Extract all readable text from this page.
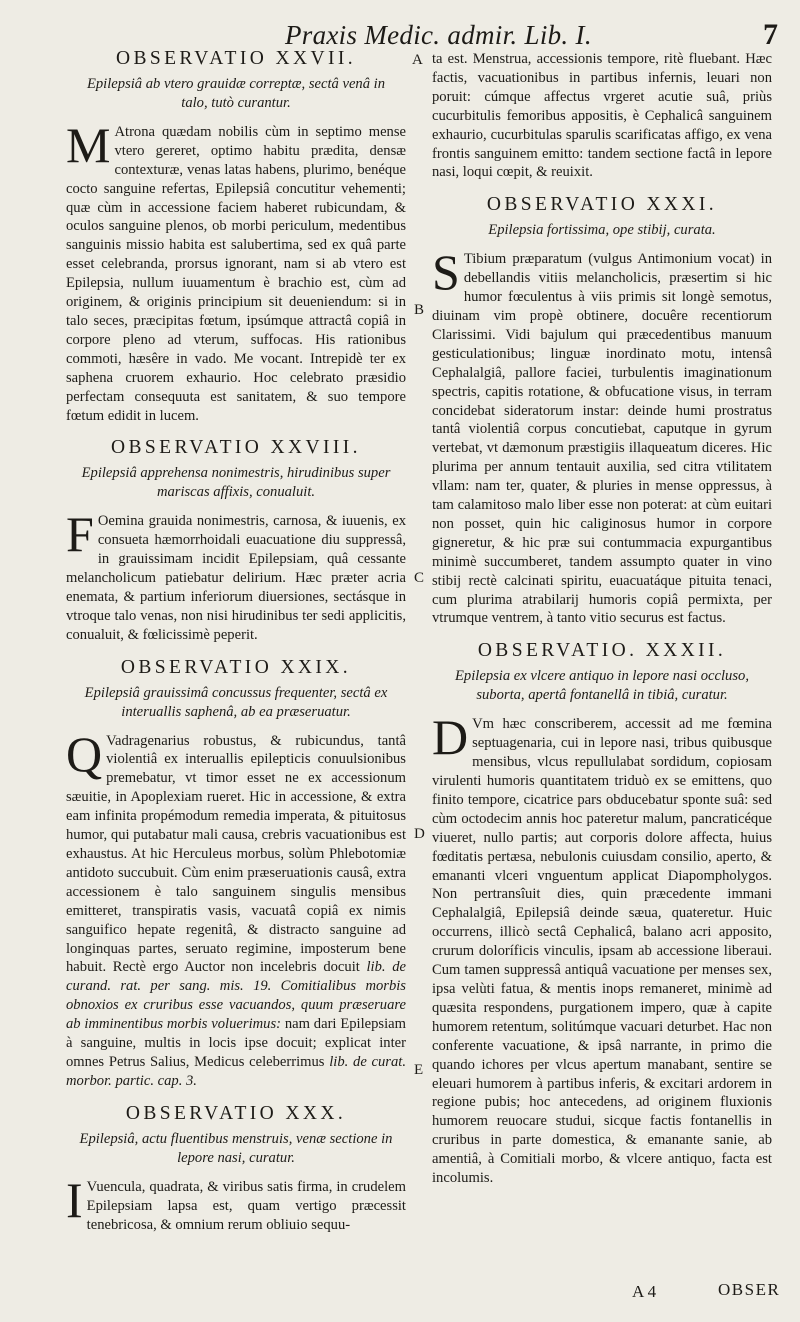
Praxis Medic. admir. Lib. I.	7
OBSERVATIO XXVII.

Epilepsiâ ab vtero grauidæ correptæ, sectâ venâ in talo, tutò curantur.

M Atrona quædam nobilis cùm in septimo mense vtero gereret, optimo habitu prædita, densæ contexturæ, venas latas habens, plurimo, benéque cocto sanguine refertas, Epilepsiâ concutitur vehementi; quæ cùm in accessione faciem haberet rubicundam, & oculos sanguine plenos, ob morbi periculum, medentibus sanguinis missio habita est salubertima, sed ex quâ parte esset celebranda, prorsus ignorant, nam si ab vtero est Epilepsia, nullum iuuamentum è brachio est, cùm ad originem, & originis principium sit deueniendum: si in talo seces, præcipitas fœtum, ipsúmque attractâ copiâ in corpore pleno ad vterum, suffocas. His rationibus commoti, hæsêre in vado. Me vocant. Intrepidè ter ex saphena cruorem exhaurio. Hoc celebrato præsidio perfectam consequuta est sanitatem, & suo tempore fœtum edidit in lucem.

OBSERVATIO XXVIII.

Epilepsiâ apprehensa nonimestris, hirudinibus super mariscas affixis, conualuit.

F Oemina grauida nonimestris, carnosa, & iuuenis, ex consueta hæmorrhoidali euacuatione diu suppressâ, in grauissimam incidit Epilepsiam, quâ cessante melancholicum patiebatur delirium. Hæc præter acria enemata, & partium inferiorum diuersiones, sectásque in vtroque talo venas, non nisi hirudinibus ter sedi applicitis, conualuit, & fœlicissimè peperit.

OBSERVATIO XXIX.

Epilepsiâ grauissimâ concussus frequenter, sectâ ex interuallis saphenâ, ab ea præseruatur.

Q Vadragenarius robustus, & rubicundus, tantâ violentiâ ex interuallis epilepticis conuulsionibus premebatur, vt timor esset ne ex accessionum sæuitie, in Apoplexiam rueret. Hic in accessione, & extra eam infinita propémodum remedia imperata, & pituitosus humor, qui putabatur mali causa, crebris vacuationibus est exhaustus. At hic Herculeus morbus, solùm Phlebotomiæ antidoto succubuit. Cùm enim præseruationis causâ, extra accessionem è talo sanguinem singulis mensibus emitteret, transpiratis vasis, vacuatâ copiâ ex nimis sanguifico hepate regenitâ, & distracto sanguine ad longinquas partes, seruato regimine, imposterum bene habuit. Rectè ergo Auctor non incelebris docuit lib. de curand. rat. per sang. mis. 19. Comitialibus morbis obnoxios ex cruribus esse vacuandos, quum præseruare ab imminentibus morbis voluerimus: nam dari Epilepsiam à sanguine, multis in locis ipse docuit; explicat inter omnes Petrus Salius, Medicus celeberrimus lib. de curat. morbor. partic. cap. 3.

OBSERVATIO XXX.

Epilepsiâ, actu fluentibus menstruis, venæ sectione in lepore nasi, curatur.

I Vuencula, quadrata, & viribus satis firma, in crudelem Epilepsiam lapsa est, quam vertigo præcessit tenebricosa, & omnium rerum obliuio sequu-

A
B
C
D
E

ta est. Menstrua, accessionis tempore, ritè fluebant. Hæc factis, vacuationibus in partibus infernis, leuari non poruit: cúmque affectus vrgeret acutie suâ, priùs cucurbitulis femoribus appositis, è Cephalicâ sanguinem exhaurio, cucurbitulas sparulis scarificatas affigo, ex vena frontis sanguinem emitto: tandem sectione factâ in lepore nasi, loqui cœpit, & reuixit.

OBSERVATIO XXXI.

Epilepsia fortissima, ope stibij, curata.

S Tibium præparatum (vulgus Antimonium vocat) in debellandis vitiis melancholicis, præsertim si hic humor fœculentus à viis primis sit longè semotus, diuinam vim propè obtinere, docuêre recentiorum Clarissimi. Vidi bajulum qui præcedentibus manuum gesticulationibus; linguæ inordinato motu, intensâ Cephalalgiâ, pallore faciei, turbulentis imaginationum spectris, capitis rotatione, & obfucatione visus, in terram concidebat sideratorum instar: deinde humi prostratus tantâ violentiâ corpus concutiebat, caputque in gyrum vertebat, vt dæmonum præstigiis illaqueatum diceres. Hic plurima per annum tentauit auxilia, sed citra vtilitatem vllam: nam ter, quater, & pluries in mense oppressus, à tam calamitoso malo liber esse non poterat: at cùm euitari non posset, quin hic caliginosus humor in corpore gigneretur, & hic præ sui contummacia expurgantibus minimè succumberet, tandem assumpto quater in vino stibij rectè calcinati spiritu, euacuatáque pituita tenaci, cum plurima atrabilarij humoris copiâ permixta, per vtrumque ventrem, à tanto vitio securus est factus.

OBSERVATIO. XXXII.

Epilepsia ex vlcere antiquo in lepore nasi occluso, suborta, apertâ fontanellâ in tibiâ, curatur.

D Vm hæc conscriberem, accessit ad me fœmina septuagenaria, cui in lepore nasi, tribus quibusque mensibus, vlcus repullulabat sordidum, copiosam virulenti humoris quantitatem triduò ex se emittens, quo finito tempore, cicatrice pars obducebatur sponte suâ: sed cùm octodecim annis hoc pateretur malum, pancraticéque viueret, nullo partis; aut corporis dolore affecta, huius fœditatis pertæsa, nebulonis cuiusdam consilio, aperto, & emananti vlceri vnguentum applicat Diapompholygos. Non pertransîuit dies, quin præcedente immani Cephalalgiâ, Epilepsiâ deinde sæua, quateretur. Huic occurrens, illicò sectâ Cephalicâ, balano acri apposito, crurum doloríficis vinculis, ipsam ab accessione liberaui. Cum tamen suppressâ antiquâ vacuatione per menses sex, ipsa velùti fatua, & mentis inops remaneret, minimè ad quæsita respondens, purgationem impero, quæ à capite humorem retentum, solitúmque vacuari deturbet. Hac non conferente vacuatione, & ipsâ narrante, in primo die quando ichores per vlcus apertum manabant, sentire se eleuari humorem à partibus inferis, & excitari ardorem in regione pubis; hoc antecedens, ad originem fluxionis humorem reuocare studui, sicque factis fontanellis in cruribus in parte domestica, & emanante sanie, ab amentiâ, à Comitiali morbo, & vlcere antiquo, facta est incolumis.

A 4	OBSER
